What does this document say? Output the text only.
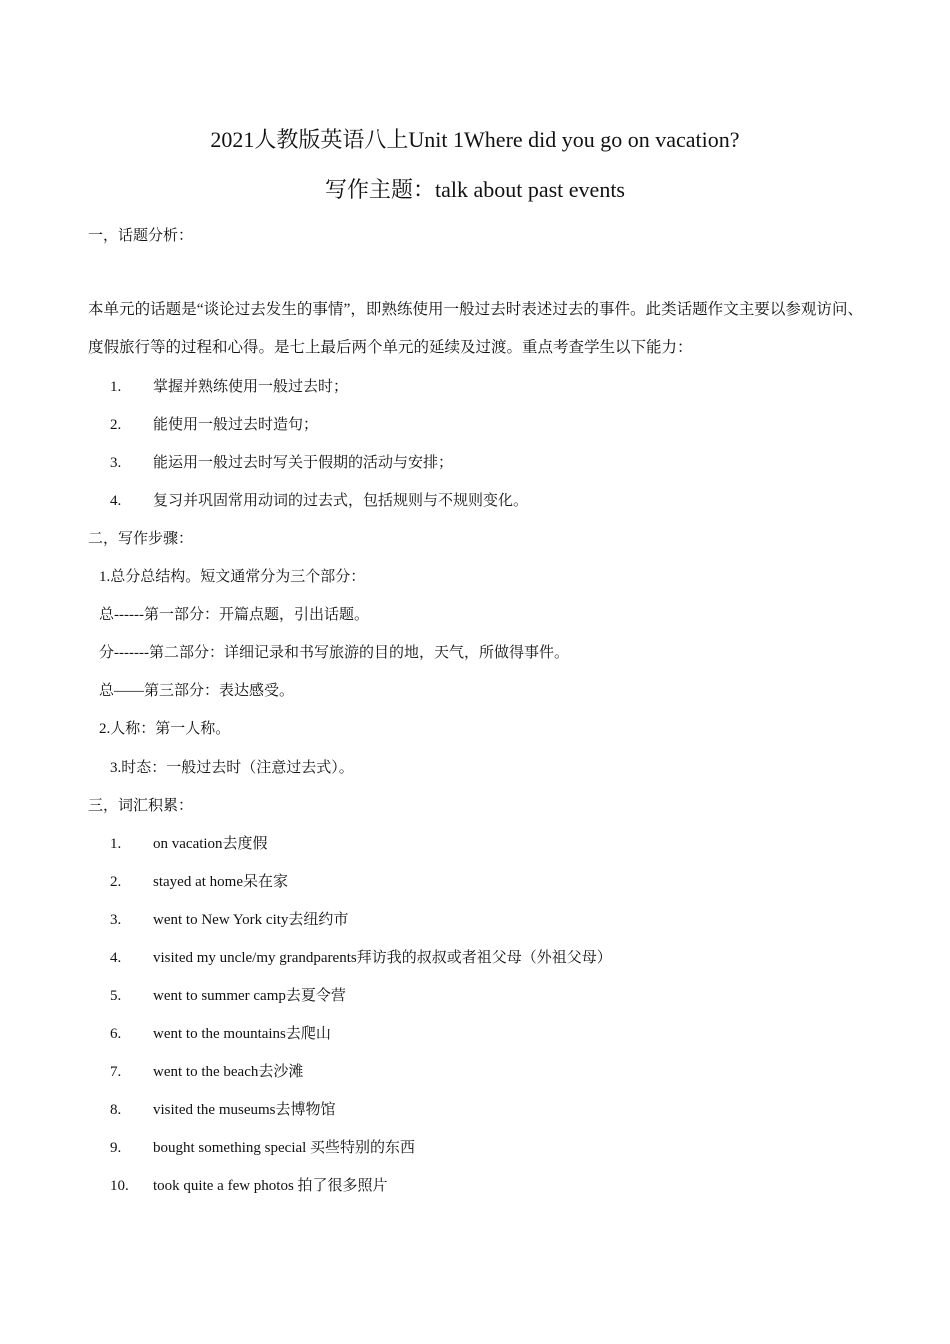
2021人教版英语八上Unit 1Where did you go on vacation?
写作主题：talk about past events
一，话题分析：
本单元的话题是“谈论过去发生的事情”，即熟练使用一般过去时表述过去的事件。此类话题作文主要以参观访问、度假旅行等的过程和心得。是七上最后两个单元的延续及过渡。重点考查学生以下能力：
1. 掌握并熟练使用一般过去时；
2. 能使用一般过去时造句；
3. 能运用一般过去时写关于假期的活动与安排；
4. 复习并巩固常用动词的过去式，包括规则与不规则变化。
二，写作步骤：
1.总分总结构。短文通常分为三个部分：
总------第一部分：开篇点题，引出话题。
分-------第二部分：详细记录和书写旅游的目的地，天气，所做得事件。
总——第三部分：表达感受。
2.人称：第一人称。
3.时态：一般过去时（注意过去式）。
三，词汇积累：
1. on vacation去度假
2. stayed at home呆在家
3. went to New York city去纽约市
4. visited my uncle/my grandparents拜访我的叔叔或者祖父母（外祖父母）
5. went to summer camp去夏令营
6. went to the mountains去爬山
7. went to the beach去沙滩
8. visited the museums去博物馆
9. bought something special 买些特别的东西
10. took quite a few photos 拍了很多照片
